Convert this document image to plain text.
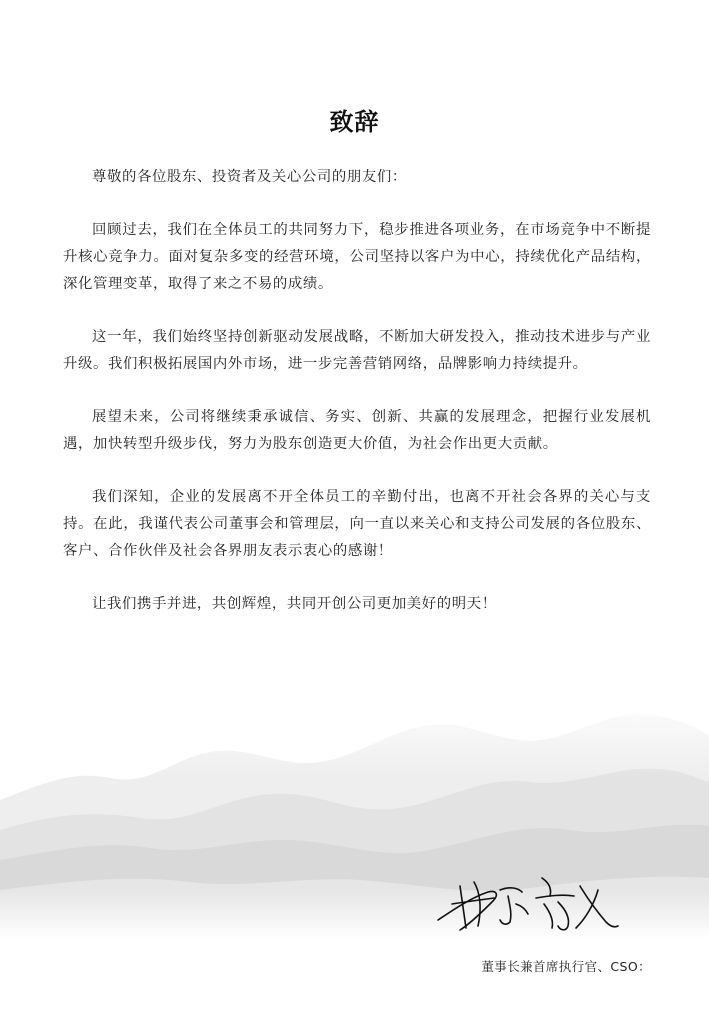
致辞

尊敬的各位股东、投资者及关心公司的朋友们：

回顾过去，我们在全体员工的共同努力下，稳步推进各项业务，在市场竞争中不断提升核心竞争力。面对复杂多变的经营环境，公司坚持以客户为中心，持续优化产品结构，深化管理变革，取得了来之不易的成绩。

这一年，我们始终坚持创新驱动发展战略，不断加大研发投入，推动技术进步与产业升级。我们积极拓展国内外市场，进一步完善营销网络，品牌影响力持续提升。

展望未来，公司将继续秉承诚信、务实、创新、共赢的发展理念，把握行业发展机遇，加快转型升级步伐，努力为股东创造更大价值，为社会作出更大贡献。

我们深知，企业的发展离不开全体员工的辛勤付出，也离不开社会各界的关心与支持。在此，我谨代表公司董事会和管理层，向一直以来关心和支持公司发展的各位股东、客户、合作伙伴及社会各界朋友表示衷心的感谢！

让我们携手并进，共创辉煌，共同开创公司更加美好的明天！

董事长兼首席执行官、CSO：
